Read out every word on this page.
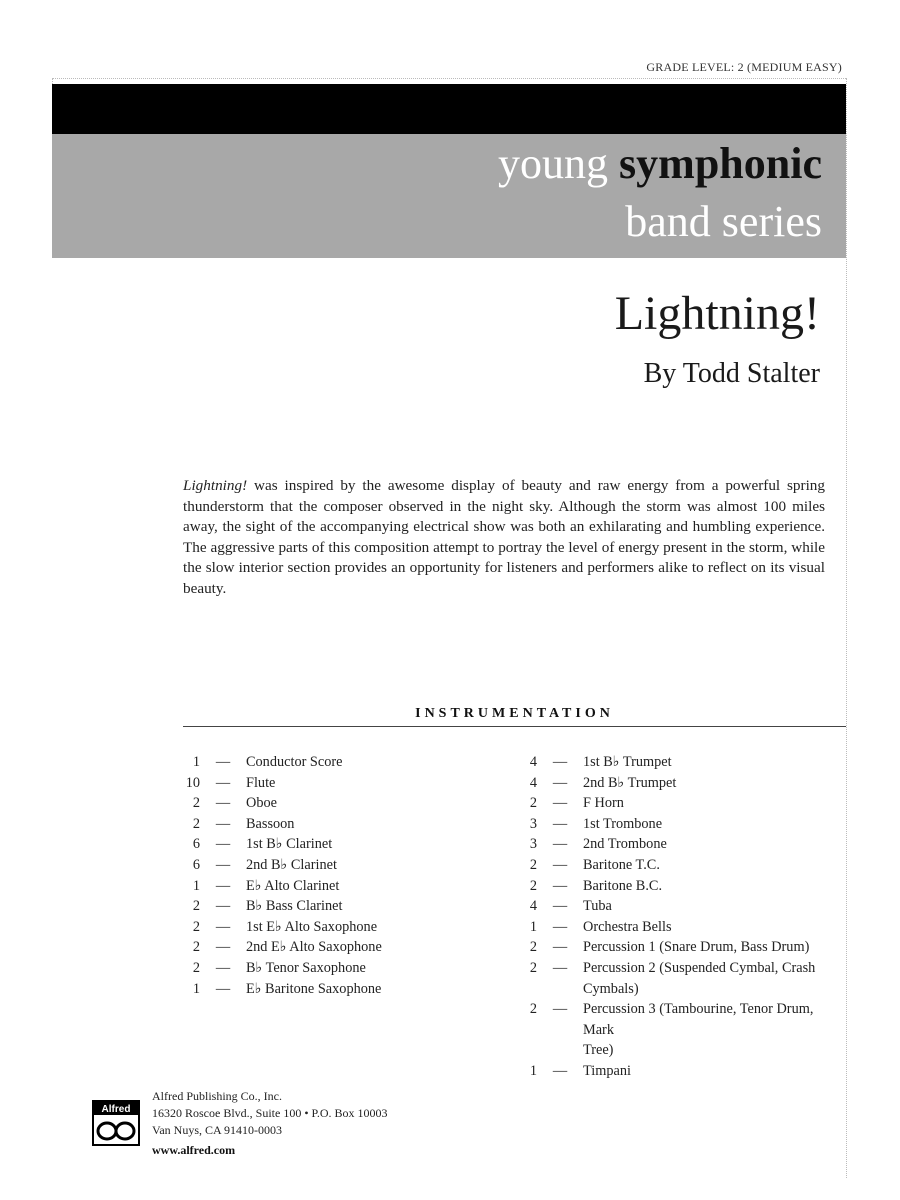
GRADE LEVEL: 2 (MEDIUM EASY)
young symphonic
band series
Lightning!
By Todd Stalter
Lightning! was inspired by the awesome display of beauty and raw energy from a powerful spring thunderstorm that the composer observed in the night sky. Although the storm was almost 100 miles away, the sight of the accompanying electrical show was both an exhilarating and humbling experience. The aggressive parts of this composition attempt to portray the level of energy present in the storm, while the slow interior section provides an opportunity for listeners and performers alike to reflect on its visual beauty.
INSTRUMENTATION
1	—	Conductor Score
10	—	Flute
2	—	Oboe
2	—	Bassoon
6	—	1st B♭ Clarinet
6	—	2nd B♭ Clarinet
1	—	E♭ Alto Clarinet
2	—	B♭ Bass Clarinet
2	—	1st E♭ Alto Saxophone
2	—	2nd E♭ Alto Saxophone
2	—	B♭ Tenor Saxophone
1	—	E♭ Baritone Saxophone
4	—	1st B♭ Trumpet
4	—	2nd B♭ Trumpet
2	—	F Horn
3	—	1st Trombone
3	—	2nd Trombone
2	—	Baritone T.C.
2	—	Baritone B.C.
4	—	Tuba
1	—	Orchestra Bells
2	—	Percussion 1 (Snare Drum, Bass Drum)
2	—	Percussion 2 (Suspended Cymbal, Crash
Cymbals)
2	—	Percussion 3 (Tambourine, Tenor Drum, Mark
Tree)
1	—	Timpani
Alfred
Alfred Publishing Co., Inc.
16320 Roscoe Blvd., Suite 100 • P.O. Box 10003
Van Nuys, CA 91410-0003
www.alfred.com
